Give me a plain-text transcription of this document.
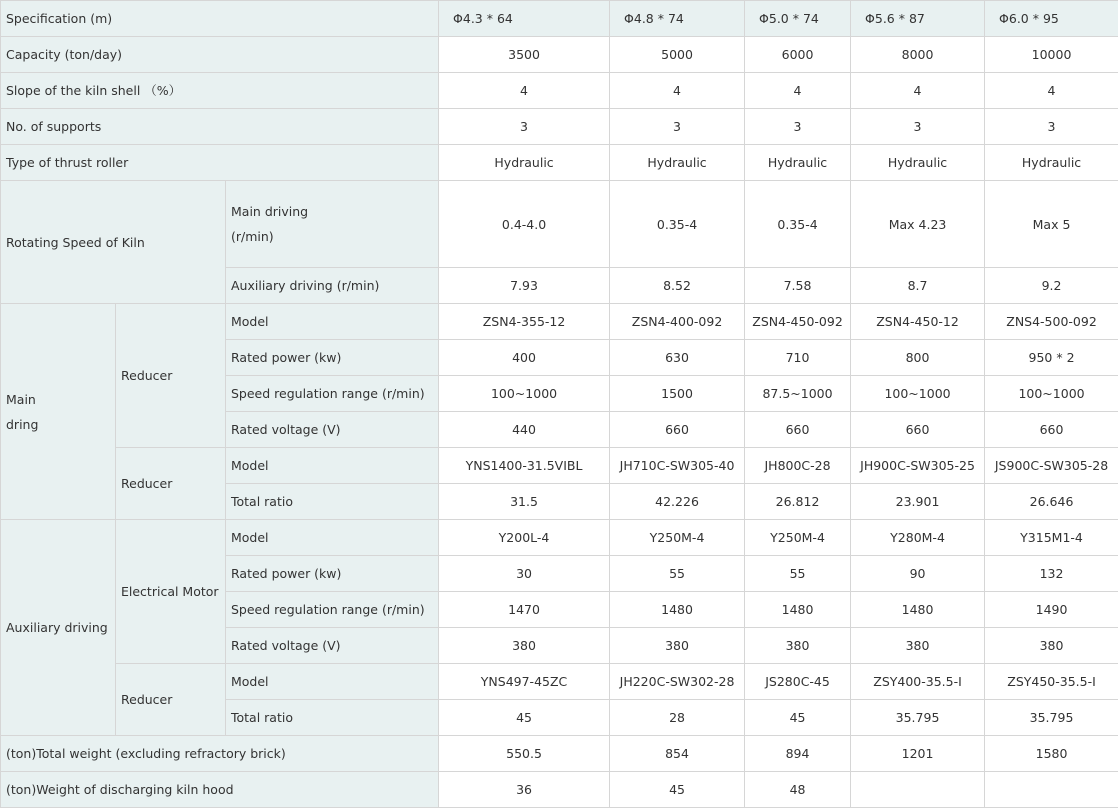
Specification (m)			Φ4.3 * 64	Φ4.8 * 74	Φ5.0 * 74	Φ5.6 * 87	Φ6.0 * 95
Capacity (ton/day)			3500	5000	6000	8000	10000
Slope of the kiln shell （%）			4	4	4	4	4
No. of supports			3	3	3	3	3
Type of thrust roller			Hydraulic	Hydraulic	Hydraulic	Hydraulic	Hydraulic
Rotating Speed of Kiln		Main driving (r/min)	0.4-4.0	0.35-4	0.35-4	Max 4.23	Max 5
		Auxiliary driving (r/min)	7.93	8.52	7.58	8.7	9.2
Main dring	Reducer	Model	ZSN4-355-12	ZSN4-400-092	ZSN4-450-092	ZSN4-450-12	ZNS4-500-092
		Rated power (kw)	400	630	710	800	950 * 2
		Speed regulation range (r/min)	100~1000	1500	87.5~1000	100~1000	100~1000
		Rated voltage (V)	440	660	660	660	660
	Reducer	Model	YNS1400-31.5VIBL	JH710C-SW305-40	JH800C-28	JH900C-SW305-25	JS900C-SW305-28
		Total ratio	31.5	42.226	26.812	23.901	26.646
Auxiliary driving	Electrical Motor	Model	Y200L-4	Y250M-4	Y250M-4	Y280M-4	Y315M1-4
		Rated power (kw)	30	55	55	90	132
		Speed regulation range (r/min)	1470	1480	1480	1480	1490
		Rated voltage (V)	380	380	380	380	380
	Reducer	Model	YNS497-45ZC	JH220C-SW302-28	JS280C-45	ZSY400-35.5-I	ZSY450-35.5-I
		Total ratio	45	28	45	35.795	35.795
(ton)Total weight (excluding refractory brick)			550.5	854	894	1201	1580
(ton)Weight of discharging kiln hood			36	45	48		
